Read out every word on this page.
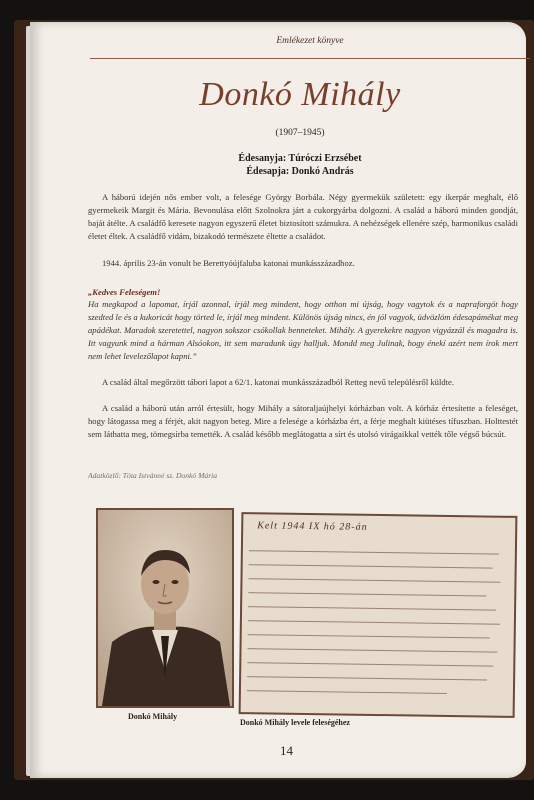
Emlékezet könyve
Donkó Mihály
(1907–1945)
Édesanyja: Túróczi Erzsébet
Édesapja: Donkó András

A háború idején nős ember volt, a felesége György Borbála. Négy gyermekük született: egy ikerpár meghalt, élő gyermekeik Margit és Mária. Bevonulása előtt Szolnokra járt a cukorgyárba dolgozni. A család a háború minden gondját, baját átélte. A családfő keresete nagyon egyszerű életet biztosított számukra. A nehézségek ellenére szép, harmonikus családi életet éltek. A családfő vidám, bizakodó természete éltette a családot.

1944. április 23-án vonult be Berettyóújfaluba katonai munkásszázadhoz.

„Kedves Feleségem!

Ha megkapod a lapomat, írjál azonnal, írjál meg mindent, hogy otthon mi újság, hogy vagytok és a napraforgót hogy szedted le és a kukoricát hogy törted le, írjál meg mindent. Különös újság nincs, én jól vagyok, üdvözlöm édesapámékat meg apádékat. Maradok szeretettel, nagyon sokszor csókollak benneteket. Mihály. A gyerekekre nagyon vigyázzál és magadra is. Itt vagyunk mind a hárman Alsóokon, itt sem maradunk úgy halljuk. Mondd meg Julinak, hogy énekí azért nem írok mert nem lehet levelezőlapot kapni.”

A család által megőrzött tábori lapot a 62/1. katonai munkásszázadból Retteg nevű településről küldte.

A család a háború után arról értesült, hogy Mihály a sátoraljaújhelyi kórházban volt. A kórház értesítette a feleséget, hogy látogassa meg a férjét, akit nagyon beteg. Mire a felesége a kórházba ért, a férje meghalt kiütéses tífuszban. Holttestét sem láthatta meg, tömegsírba temették. A család később meglátogatta a sírt és utolsó virágaikkal vették tőle végső búcsút.

Adatközlő: Tóta Istvánné sz. Donkó Mária
Kelt 1944 IX hó 28-án
Donkó Mihály
Donkó Mihály levele feleségéhez
14
